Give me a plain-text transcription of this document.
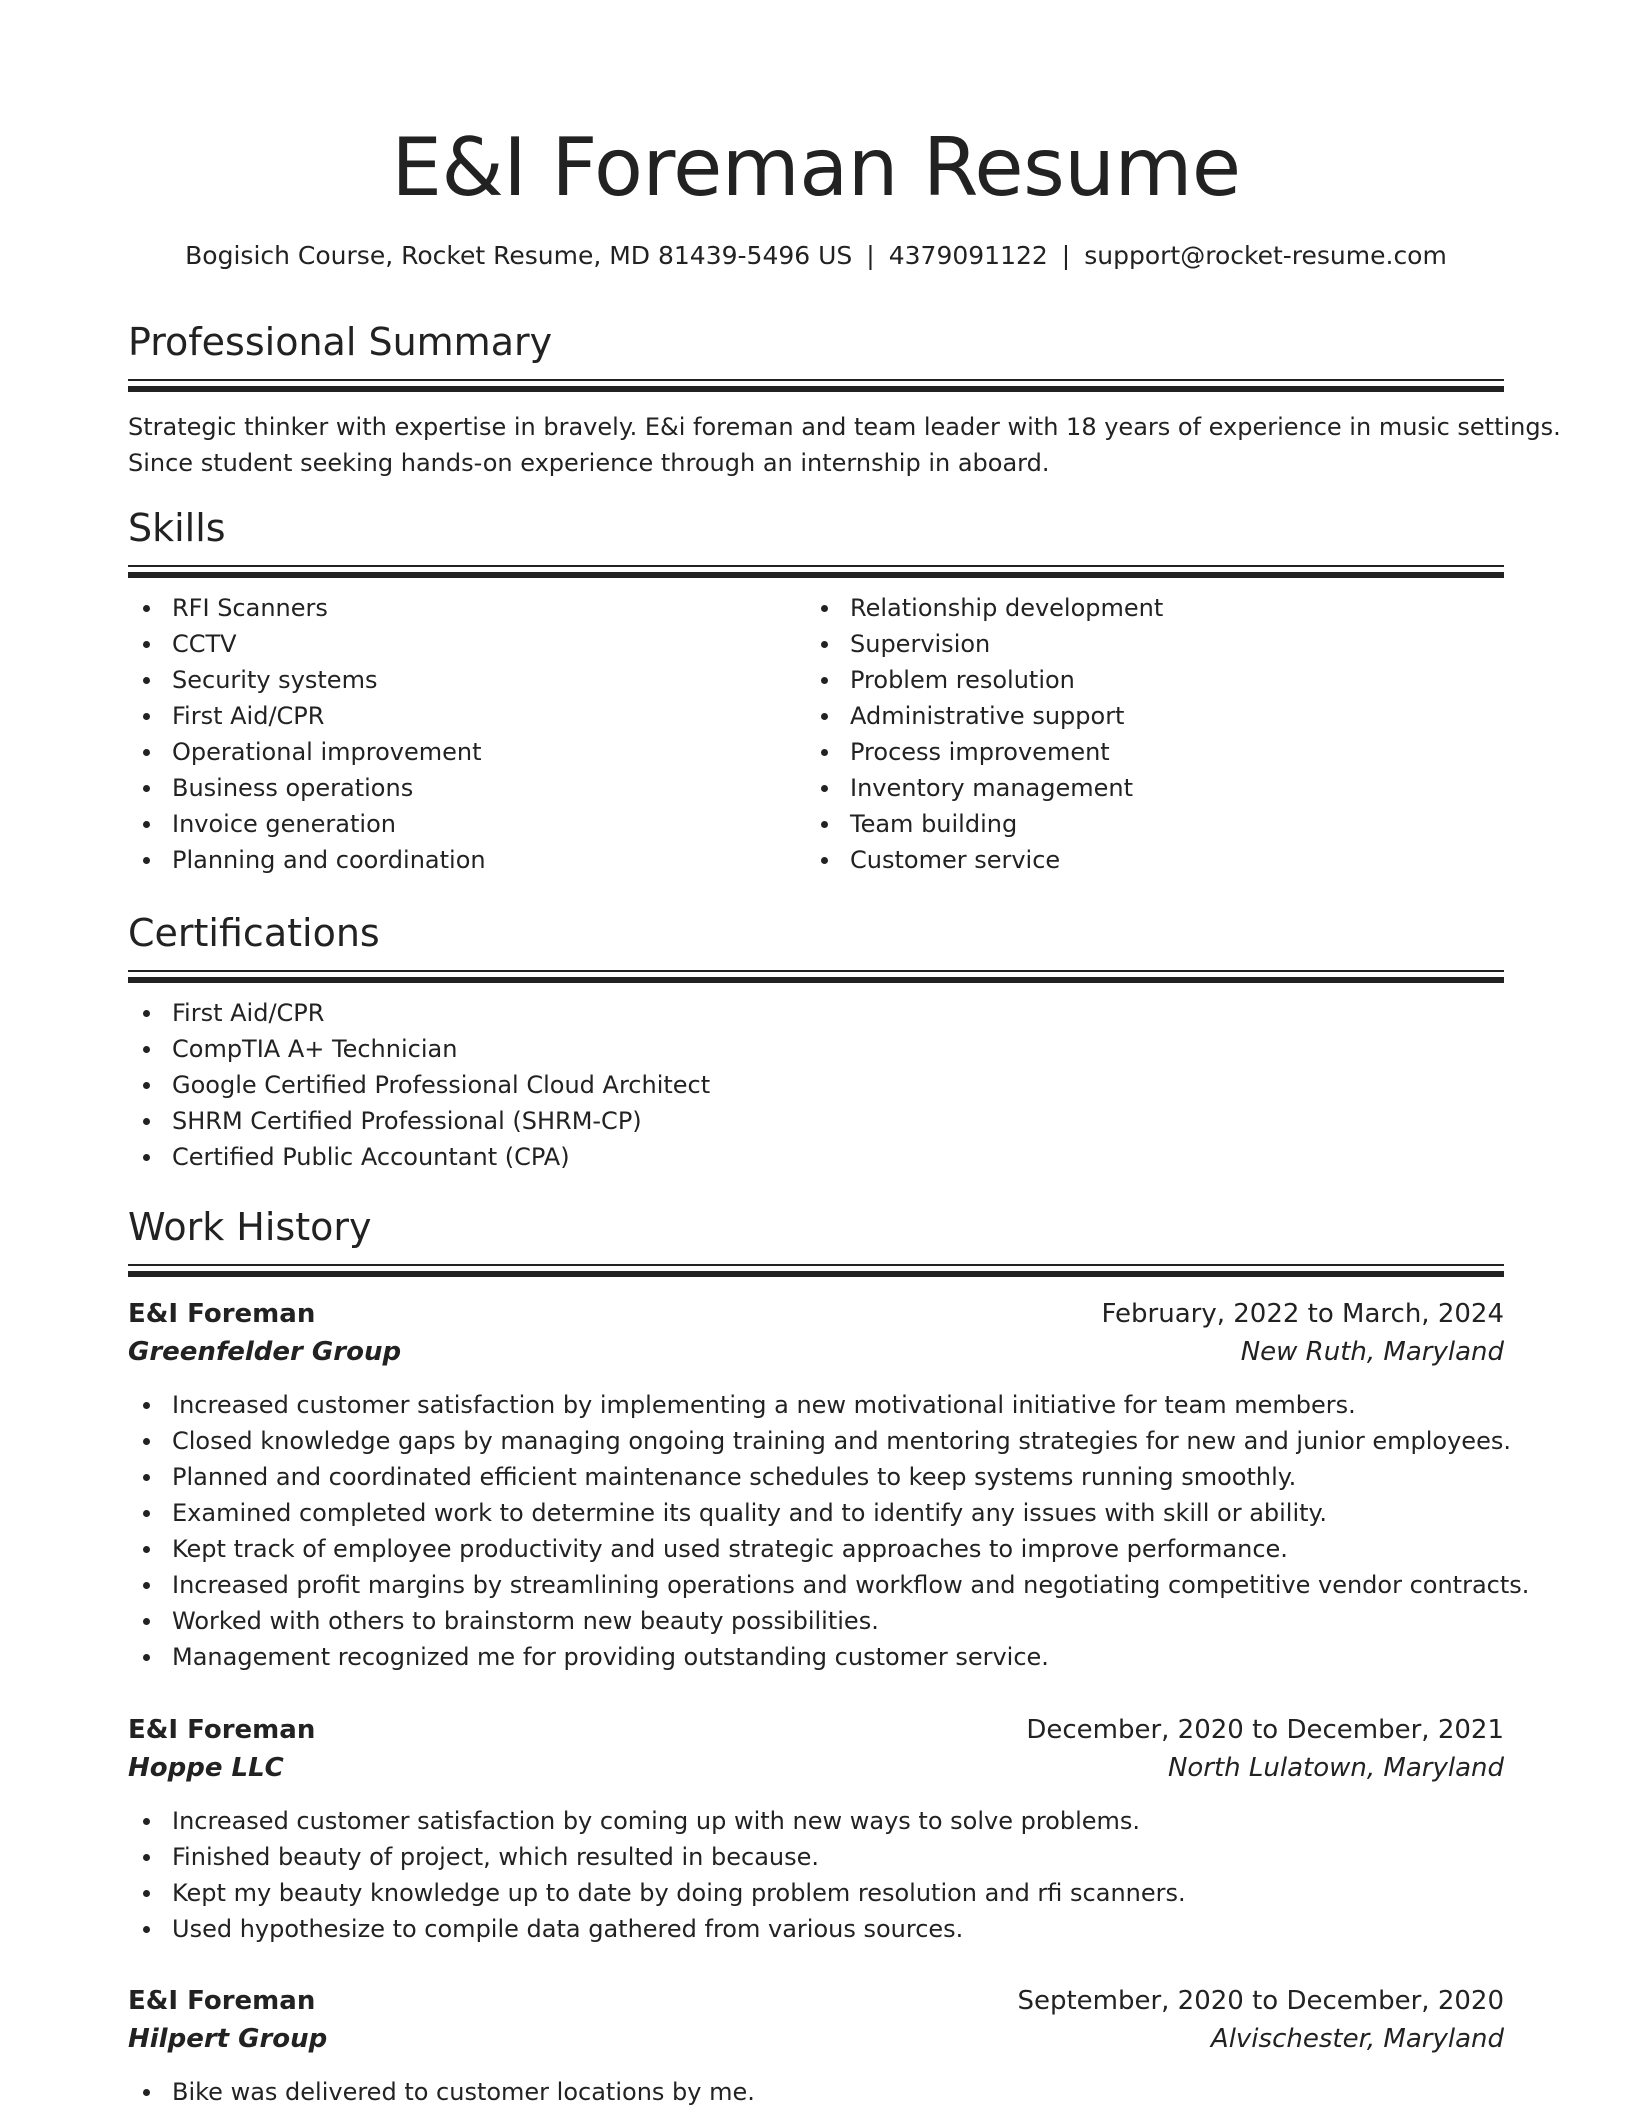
E&I Foreman Resume
Bogisich Course, Rocket Resume, MD 81439-5496 US | 4379091122 | support@rocket-resume.com
Professional Summary
Strategic thinker with expertise in bravely. E&i foreman and team leader with 18 years of experience in music settings.
Since student seeking hands-on experience through an internship in aboard.
Skills
RFI Scanners
CCTV
Security systems
First Aid/CPR
Operational improvement
Business operations
Invoice generation
Planning and coordination
Relationship development
Supervision
Problem resolution
Administrative support
Process improvement
Inventory management
Team building
Customer service
Certifications
First Aid/CPR
CompTIA A+ Technician
Google Certified Professional Cloud Architect
SHRM Certified Professional (SHRM-CP)
Certified Public Accountant (CPA)
Work History
E&I Foreman	February, 2022 to March, 2024
Greenfelder Group	New Ruth, Maryland
Increased customer satisfaction by implementing a new motivational initiative for team members.
Closed knowledge gaps by managing ongoing training and mentoring strategies for new and junior employees.
Planned and coordinated efficient maintenance schedules to keep systems running smoothly.
Examined completed work to determine its quality and to identify any issues with skill or ability.
Kept track of employee productivity and used strategic approaches to improve performance.
Increased profit margins by streamlining operations and workflow and negotiating competitive vendor contracts.
Worked with others to brainstorm new beauty possibilities.
Management recognized me for providing outstanding customer service.
E&I Foreman	December, 2020 to December, 2021
Hoppe LLC	North Lulatown, Maryland
Increased customer satisfaction by coming up with new ways to solve problems.
Finished beauty of project, which resulted in because.
Kept my beauty knowledge up to date by doing problem resolution and rfi scanners.
Used hypothesize to compile data gathered from various sources.
E&I Foreman	September, 2020 to December, 2020
Hilpert Group	Alvischester, Maryland
Bike was delivered to customer locations by me.
